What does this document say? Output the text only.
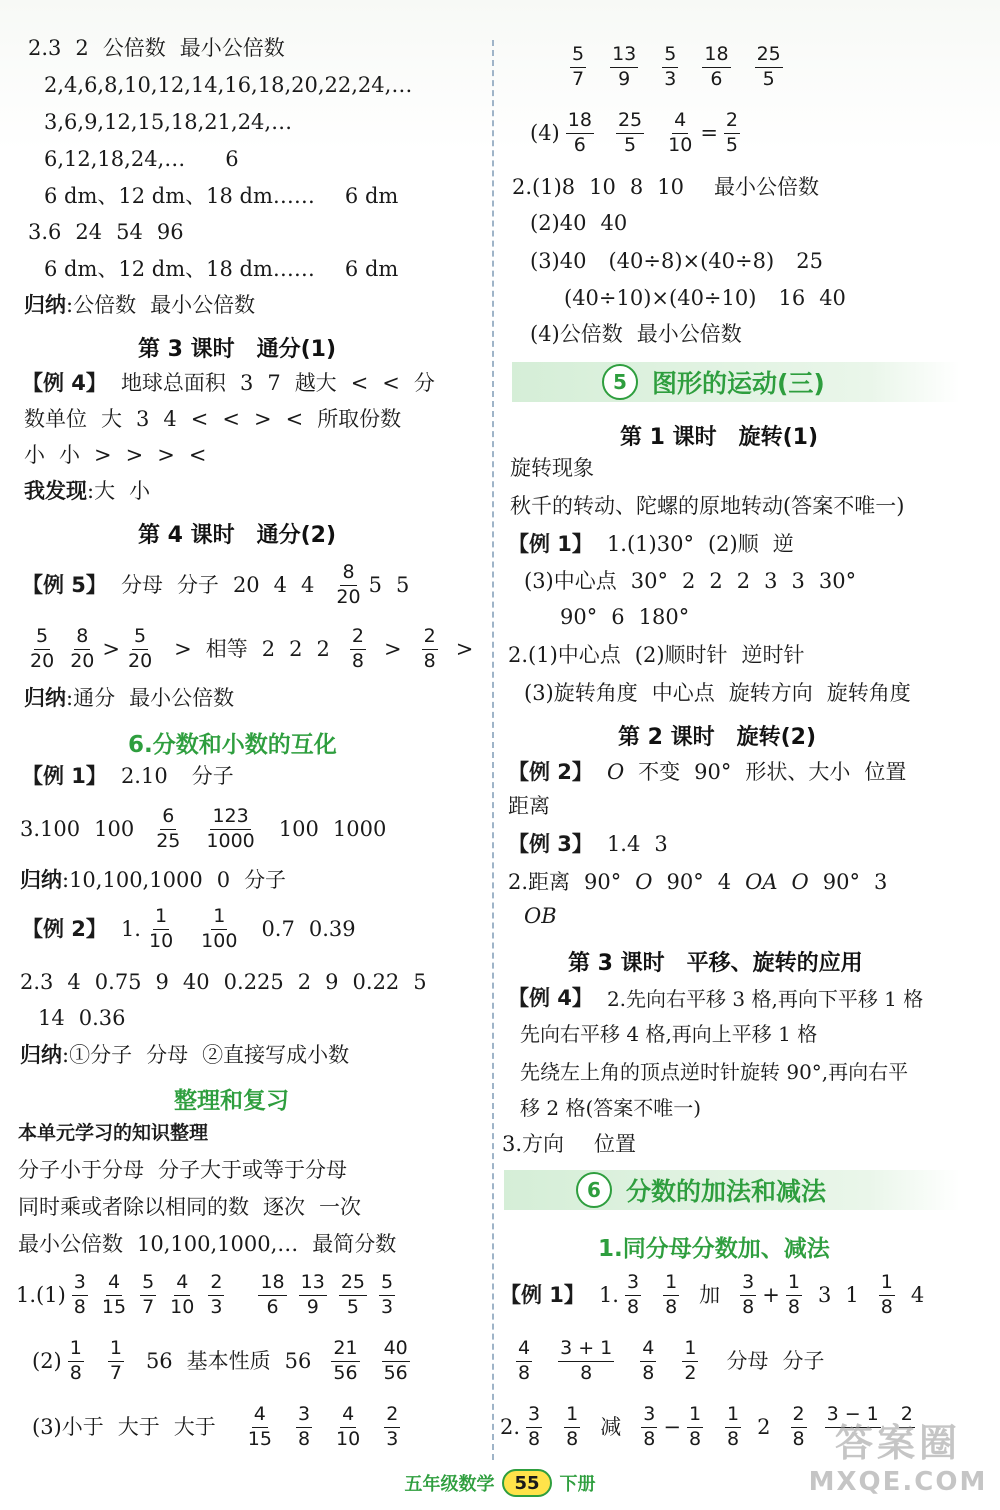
2.3 2 公倍数 最小公倍数
2,4,6,8,10,12,14,16,18,20,22,24,…
3,6,9,12,15,18,21,24,…
6,12,18,24,… 6
6 dm、12 dm、18 dm…… 6 dm
3.6 24 54 96
6 dm、12 dm、18 dm…… 6 dm
归纳 :公倍数 最小公倍数
第 3 课时　通分(1)
【例 4】 地球总面积 3 7 越大 < < 分
数单位 大 3 4 < < > < 所取份数
小 小 > > > <
我发现 :大 小
第 4 课时　通分(2)
【例 5】 分母 分子 20 4 $4 \frac{8}{20} 5$ 5
$\frac{5}{20} \frac{8}{20} > \frac{5}{20}$ > 相等 2 2 $2 \frac{2}{8} > \frac{2}{8}$ >
归纳 :通分 最小公倍数
6.分数和小数的互化
【例 1】 2.10 分子
3.100 $100 \frac{6}{25} \frac{123}{1000} 100$ 1000
归纳 :10,100,1000 0 分子
【例 2】 1. $\frac{1}{10} \frac{1}{100} 0.7$ 0.39
2.3 4 0.75 9 40 0.225 2 9 0.22 5
14 0.36
归纳 :①分子 分母 ②直接写成小数
整理和复习
本单元学习的知识整理
分子小于分母 分子大于或等于分母
同时乘或者除以相同的数 逐次 一次
最小公倍数 10,100,1000,… 最简分数
$1.(1) \frac{3}{8} \frac{4}{15} \frac{5}{7} \frac{4}{10} \frac{2}{3} \frac{18}{6} \frac{13}{9} \frac{25}{5} \frac{5}{3}$
$(2) \frac{1}{8} \frac{1}{7} 56$ 基本性质 $56 \frac{21}{56} \frac{40}{56}$
(3)小于 大于 大于 $\frac{4}{15} \frac{3}{8} \frac{4}{10} \frac{2}{3}$
$\frac{5}{7} \frac{13}{9} \frac{5}{3} \frac{18}{6} \frac{25}{5}$
$(4) \frac{18}{6} \frac{25}{5} \frac{4}{10} = \frac{2}{5}$
2.(1)8 10 8 10 最小公倍数
(2)40 40
(3)40 (40÷8)×(40÷8) 25
(40÷10)×(40÷10) 16 40
(4)公倍数 最小公倍数
5	图形的运动(三)
第 1 课时　旋转(1)
旋转现象
秋千的转动、陀螺的原地转动(答案不唯一)
【例 1】 1.(1)30° (2)顺 逆
(3)中心点 30° 2 2 2 3 3 30°
90° 6 180°
2.(1)中心点 (2)顺时针 逆时针
(3)旋转角度 中心点 旋转方向 旋转角度
第 2 课时　旋转(2)
【例 2】 O 不变 90° 形状、大小 位置
距离
【例 3】 1.4 3
2.距离 90° O 90° 4 OA O 90° 3
OB
第 3 课时　平移、旋转的应用
【例 4】 2.先向右平移 3 格,再向下平移 1 格
先向右平移 4 格,再向上平移 1 格
先绕左上角的顶点逆时针旋转 90°,再向右平
移 2 格(答案不唯一)
3.方向 位置
6	分数的加法和减法
1.同分母分数加、减法
【例 1】 1. $\frac{3}{8} \frac{1}{8}$ 加 $\frac{3}{8} + \frac{1}{8} 3$ $1 \frac{1}{8} 4$
$\frac{4}{8} \frac{3 + 1}{8} \frac{4}{8} \frac{1}{2}$ 分母 分子
2. $\frac{3}{8} \frac{1}{8}$ 减 $\frac{3}{8} - \frac{1}{8} \frac{1}{8} 2 \frac{2}{8} 3 - 1$
2

答案圈
MXQE.COM
五年级数学	55	下册
